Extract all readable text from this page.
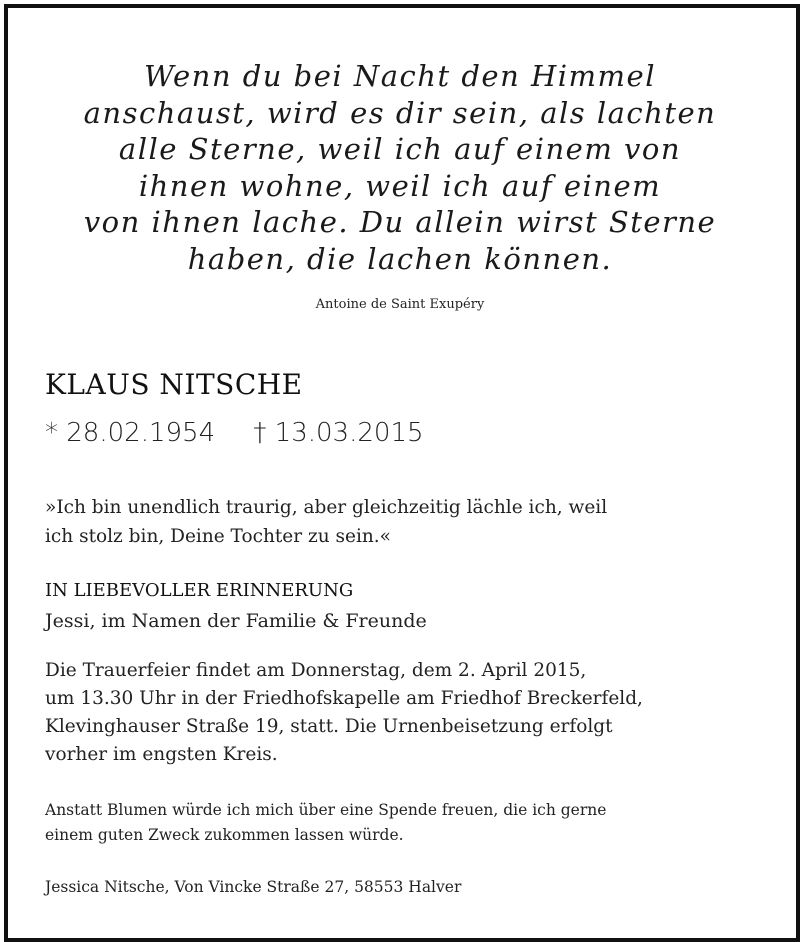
Wenn du bei Nacht den Himmel
anschaust, wird es dir sein, als lachten
alle Sterne, weil ich auf einem von
ihnen wohne, weil ich auf einem
von ihnen lache. Du allein wirst Sterne
haben, die lachen können.
Antoine de Saint Exupéry
KLAUS NITSCHE
* 28.02.1954 † 13.03.2015
»Ich bin unendlich traurig, aber gleichzeitig lächle ich, weil
ich stolz bin, Deine Tochter zu sein.«
IN LIEBEVOLLER ERINNERUNG
Jessi, im Namen der Familie & Freunde
Die Trauerfeier findet am Donnerstag, dem 2. April 2015,
um 13.30 Uhr in der Friedhofskapelle am Friedhof Breckerfeld,
Klevinghauser Straße 19, statt. Die Urnenbeisetzung erfolgt
vorher im engsten Kreis.
Anstatt Blumen würde ich mich über eine Spende freuen, die ich gerne
einem guten Zweck zukommen lassen würde.
Jessica Nitsche, Von Vincke Straße 27, 58553 Halver
